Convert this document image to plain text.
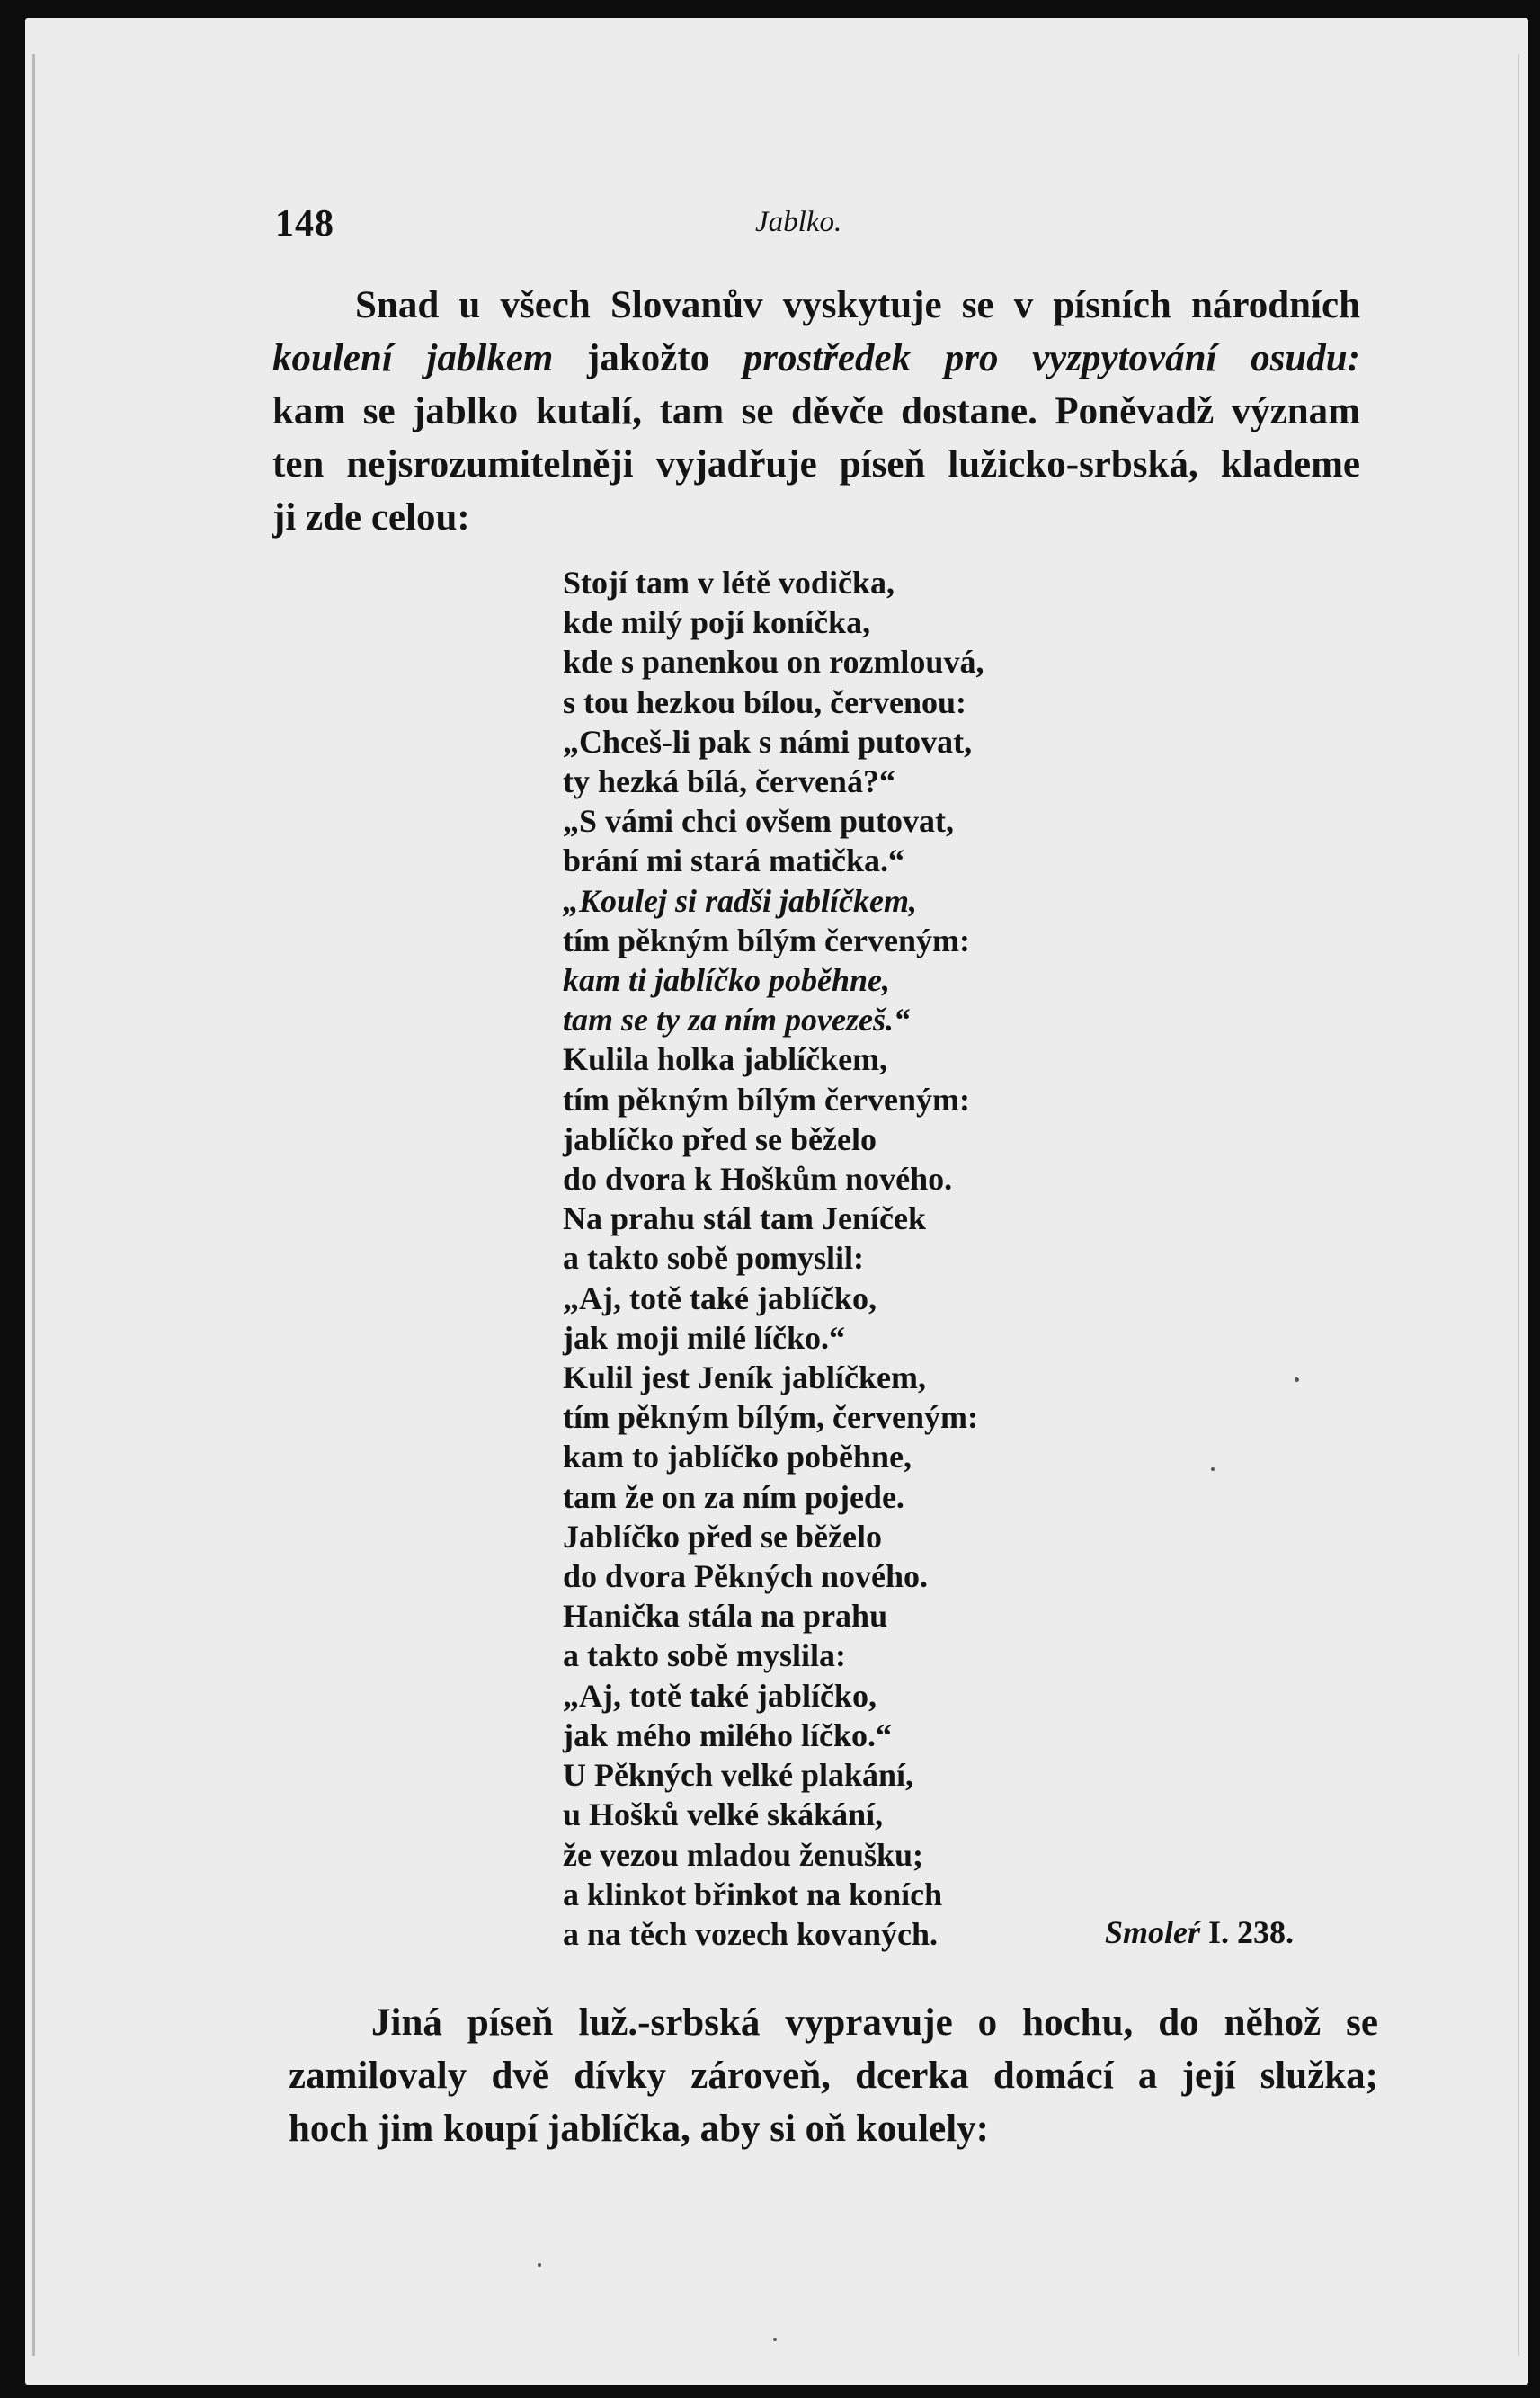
148	Jablko.
Snad u všech Slovanův vyskytuje se v písních národních
koulení jablkem jakožto prostředek pro vyzpytování osudu:
kam se jablko kutalí, tam se děvče dostane. Poněvadž význam
ten nejsrozumitelněji vyjadřuje píseň lužicko-srbská, klademe
ji zde celou:
Stojí tam v létě vodička,
kde milý pojí koníčka,
kde s panenkou on rozmlouvá,
s tou hezkou bílou, červenou:
„Chceš-li pak s námi putovat,
ty hezká bílá, červená?“
„S vámi chci ovšem putovat,
brání mi stará matička.“
„Koulej si radši jablíčkem,
tím pěkným bílým červeným:
kam ti jablíčko poběhne,
tam se ty za ním povezeš.“
Kulila holka jablíčkem,
tím pěkným bílým červeným:
jablíčko před se běželo
do dvora k Hoškům nového.
Na prahu stál tam Jeníček
a takto sobě pomyslil:
„Aj, totě také jablíčko,
jak moji milé líčko.“
Kulil jest Jeník jablíčkem,
tím pěkným bílým, červeným:
kam to jablíčko poběhne,
tam že on za ním pojede.
Jablíčko před se běželo
do dvora Pěkných nového.
Hanička stála na prahu
a takto sobě myslila:
„Aj, totě také jablíčko,
jak mého milého líčko.“
U Pěkných velké plakání,
u Hošků velké skákání,
že vezou mladou ženušku;
a klinkot břinkot na koních
a na těch vozech kovaných.	Smoleŕ I. 238.
Jiná píseň luž.-srbská vypravuje o hochu, do něhož se
zamilovaly dvě dívky zároveň, dcerka domácí a její služka;
hoch jim koupí jablíčka, aby si oň koulely:
